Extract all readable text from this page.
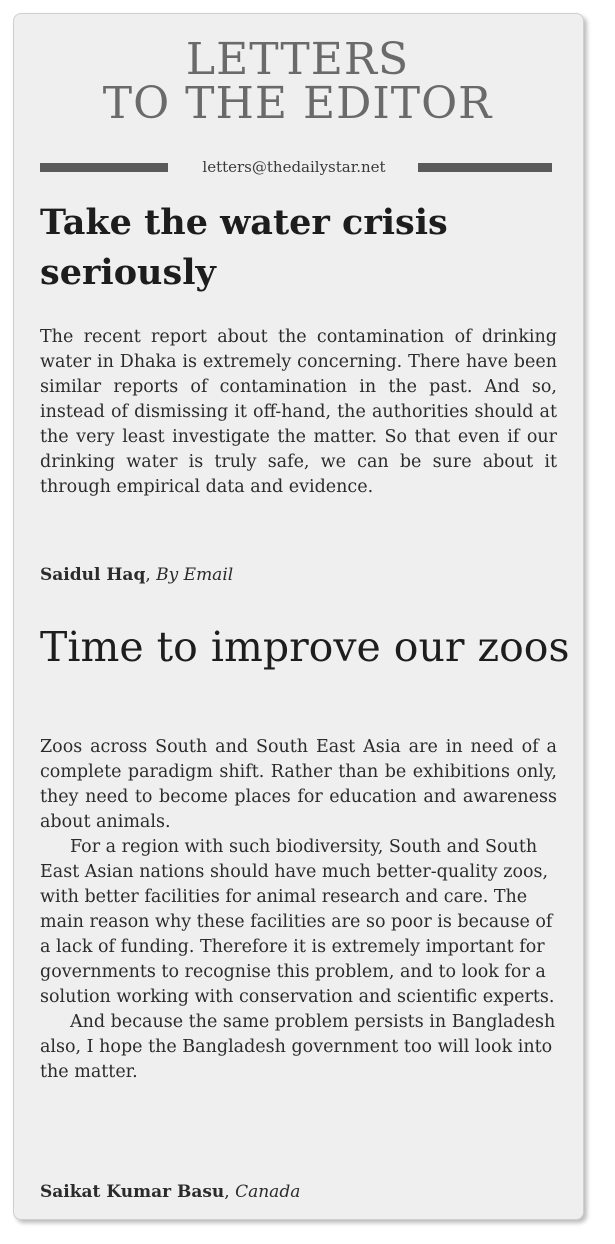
LETTERS
TO THE EDITOR
letters@thedailystar.net
Take the water crisis seriously

The recent report about the contamination of drinking water in Dhaka is extremely concerning. There have been similar reports of contamination in the past. And so, instead of dismissing it off-hand, the authorities should at the very least investigate the matter. So that even if our drinking water is truly safe, we can be sure about it through empirical data and evidence.

Saidul Haq, By Email
Time to improve our zoos

Zoos across South and South East Asia are in need of a complete paradigm shift. Rather than be exhibitions only, they need to become places for education and awareness about animals.

For a region with such biodiversity, South and South East Asian nations should have much better-quality zoos, with better facilities for animal research and care. The main reason why these facilities are so poor is because of a lack of funding. Therefore it is extremely important for governments to recognise this problem, and to look for a solution working with conservation and scientific experts.

And because the same problem persists in Bangladesh also, I hope the Bangladesh government too will look into the matter.

Saikat Kumar Basu, Canada
